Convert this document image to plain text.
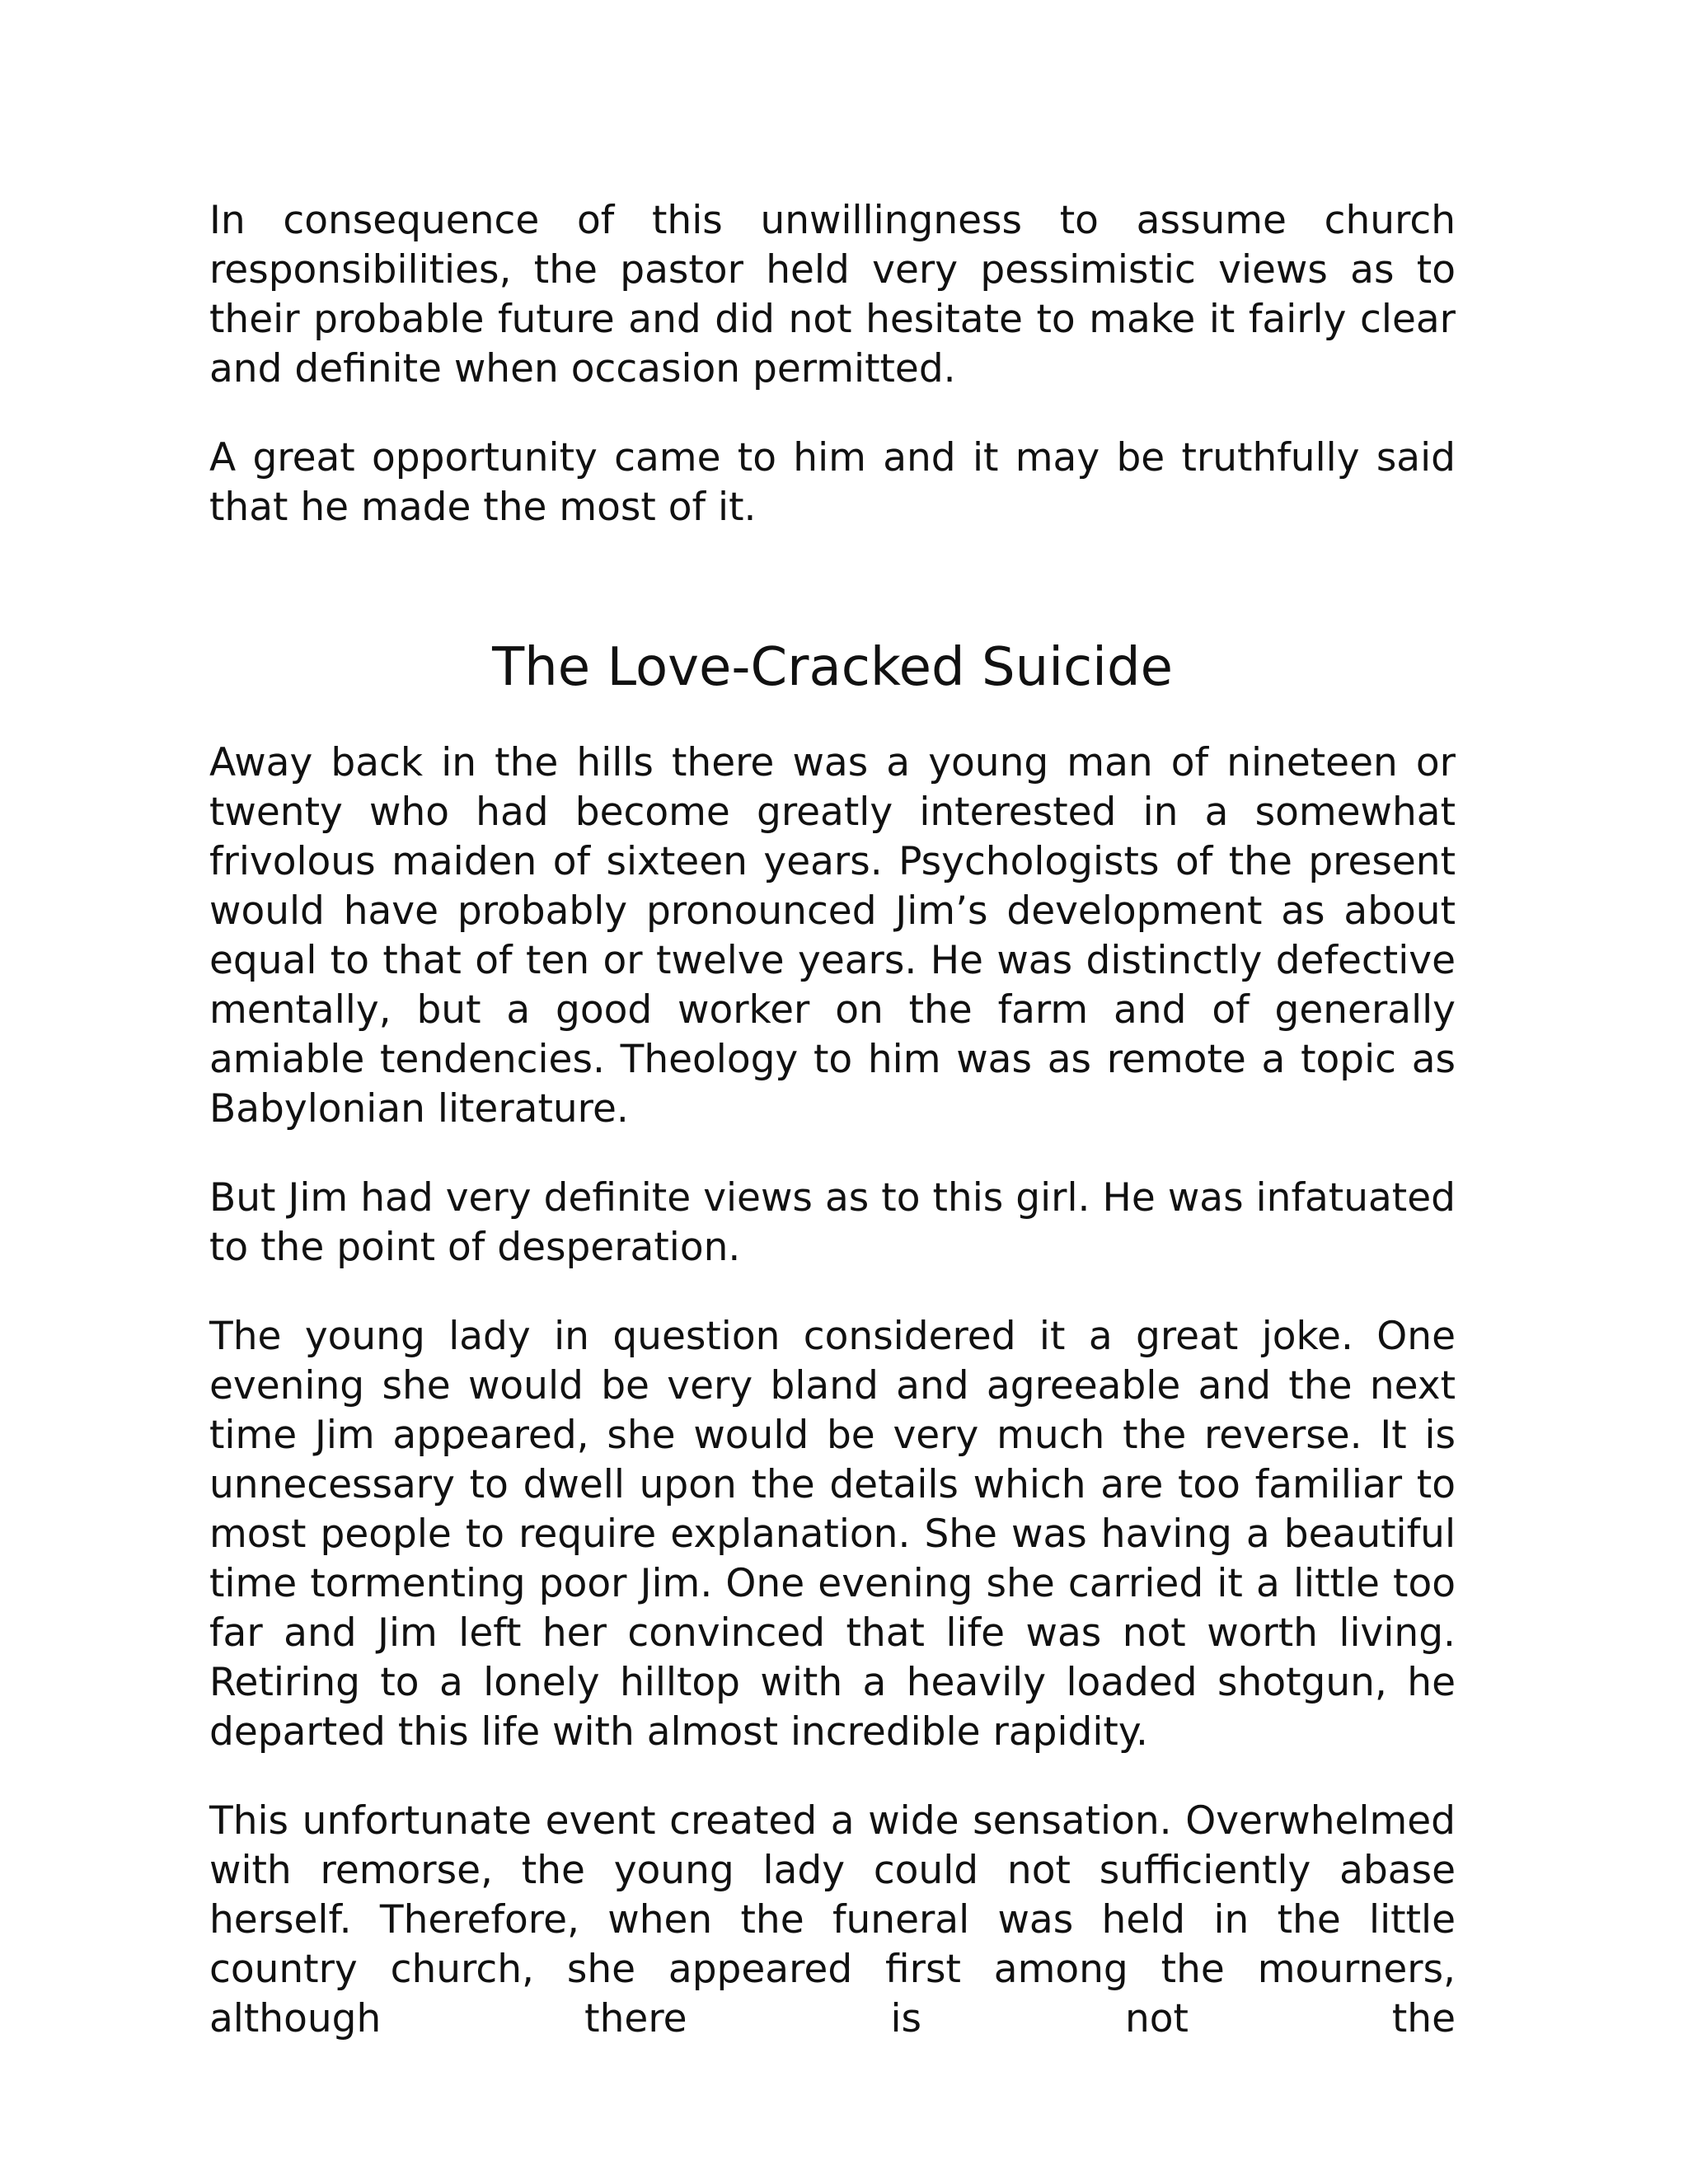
In consequence of this unwillingness to assume church responsibilities, the pastor held very pessimistic views as to their probable future and did not hesitate to make it fairly clear and definite when occasion permitted.

A great opportunity came to him and it may be truthfully said that he made the most of it.

The Love-Cracked Suicide

Away back in the hills there was a young man of nineteen or twenty who had become greatly interested in a somewhat frivolous maiden of sixteen years. Psychologists of the present would have probably pronounced Jim’s development as about equal to that of ten or twelve years. He was distinctly defective mentally, but a good worker on the farm and of generally amiable tendencies. Theology to him was as remote a topic as Babylonian literature.

But Jim had very definite views as to this girl. He was infatuated to the point of desperation.

The young lady in question considered it a great joke. One evening she would be very bland and agreeable and the next time Jim appeared, she would be very much the reverse. It is unnecessary to dwell upon the details which are too familiar to most people to require explanation. She was having a beautiful time tormenting poor Jim. One evening she carried it a little too far and Jim left her convinced that life was not worth living. Retiring to a lonely hilltop with a heavily loaded shotgun, he departed this life with almost incredible rapidity.

This unfortunate event created a wide sensation. Overwhelmed with remorse, the young lady could not sufficiently abase herself. Therefore, when the funeral was held in the little country church, she appeared first among the mourners, although there is not the
